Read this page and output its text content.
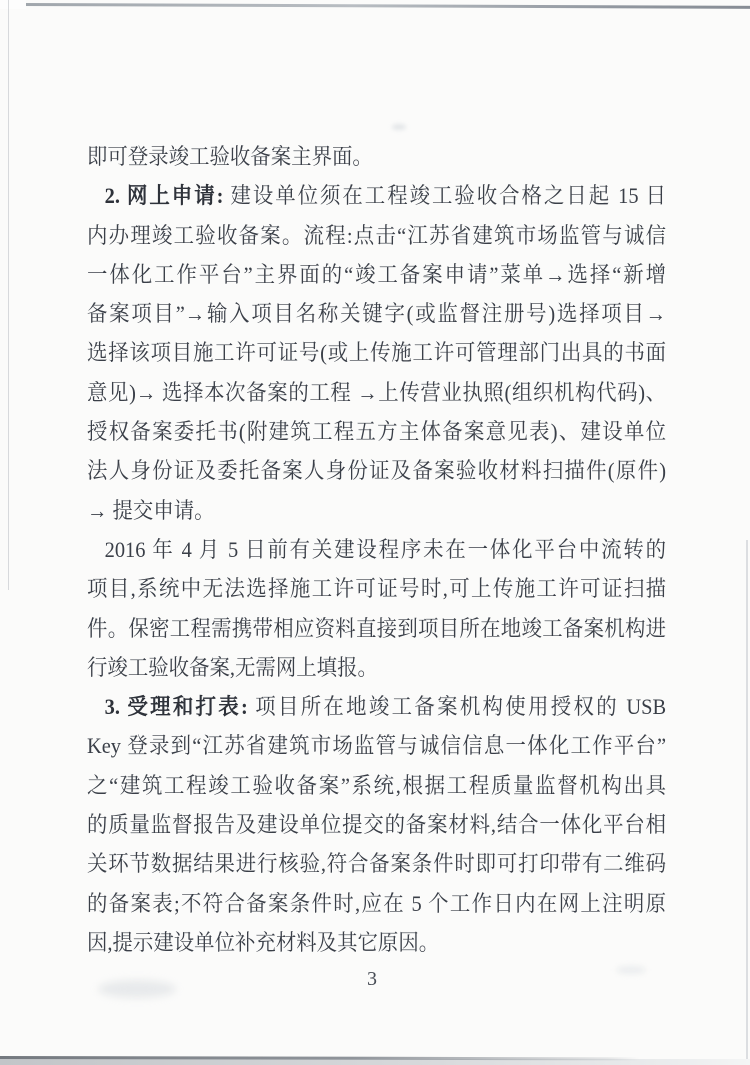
即可登录竣工验收备案主界面。
2. 网上申请: 建设单位须在工程竣工验收合格之日起 15 日
内办理竣工验收备案。流程:点击“江苏省建筑市场监管与诚信
一体化工作平台”主界面的“竣工备案申请”菜单→选择“新增
备案项目”→输入项目名称关键字(或监督注册号)选择项目→
选择该项目施工许可证号(或上传施工许可管理部门出具的书面
意见)→ 选择本次备案的工程 →上传营业执照(组织机构代码)、
授权备案委托书(附建筑工程五方主体备案意见表)、建设单位
法人身份证及委托备案人身份证及备案验收材料扫描件(原件)
→ 提交申请。
2016 年 4 月 5 日前有关建设程序未在一体化平台中流转的
项目,系统中无法选择施工许可证号时,可上传施工许可证扫描
件。保密工程需携带相应资料直接到项目所在地竣工备案机构进
行竣工验收备案,无需网上填报。
3. 受理和打表: 项目所在地竣工备案机构使用授权的 USB
Key 登录到“江苏省建筑市场监管与诚信信息一体化工作平台”
之“建筑工程竣工验收备案”系统,根据工程质量监督机构出具
的质量监督报告及建设单位提交的备案材料,结合一体化平台相
关环节数据结果进行核验,符合备案条件时即可打印带有二维码
的备案表;不符合备案条件时,应在 5 个工作日内在网上注明原
因,提示建设单位补充材料及其它原因。
3
